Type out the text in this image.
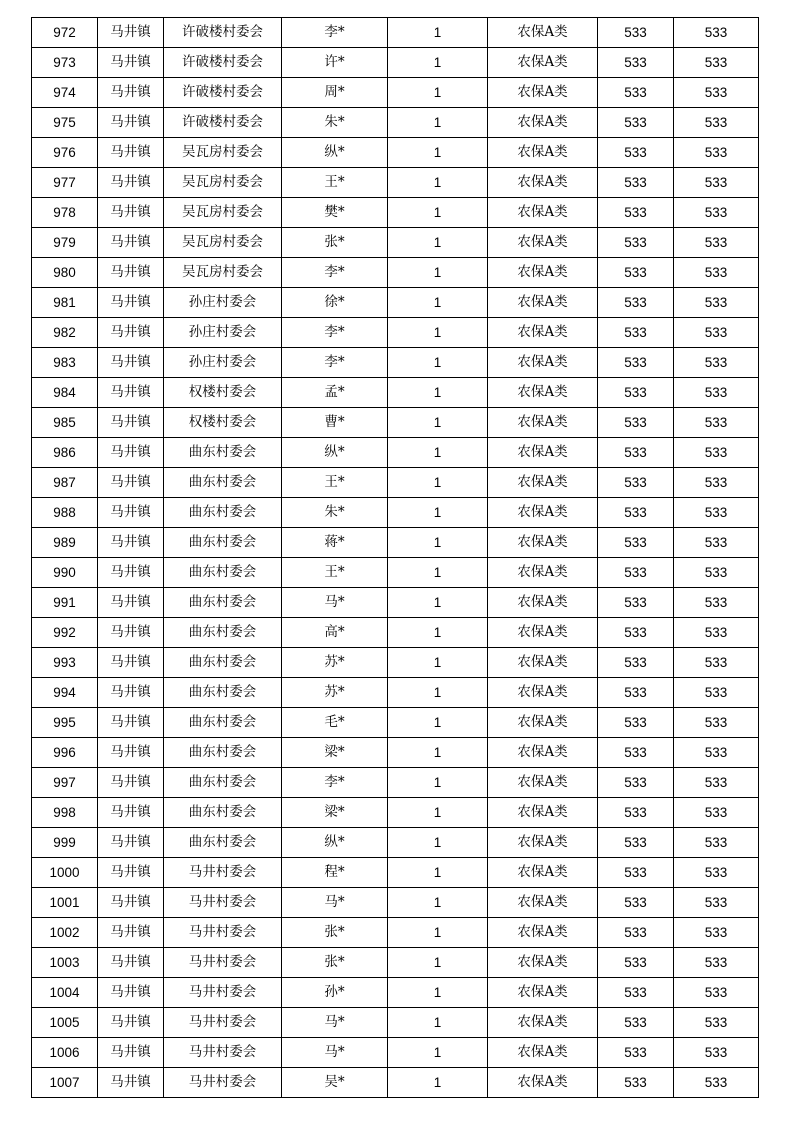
972	马井镇	许破楼村委会	李*	1	农保A类	533	533
973	马井镇	许破楼村委会	许*	1	农保A类	533	533
974	马井镇	许破楼村委会	周*	1	农保A类	533	533
975	马井镇	许破楼村委会	朱*	1	农保A类	533	533
976	马井镇	吴瓦房村委会	纵*	1	农保A类	533	533
977	马井镇	吴瓦房村委会	王*	1	农保A类	533	533
978	马井镇	吴瓦房村委会	樊*	1	农保A类	533	533
979	马井镇	吴瓦房村委会	张*	1	农保A类	533	533
980	马井镇	吴瓦房村委会	李*	1	农保A类	533	533
981	马井镇	孙庄村委会	徐*	1	农保A类	533	533
982	马井镇	孙庄村委会	李*	1	农保A类	533	533
983	马井镇	孙庄村委会	李*	1	农保A类	533	533
984	马井镇	权楼村委会	孟*	1	农保A类	533	533
985	马井镇	权楼村委会	曹*	1	农保A类	533	533
986	马井镇	曲东村委会	纵*	1	农保A类	533	533
987	马井镇	曲东村委会	王*	1	农保A类	533	533
988	马井镇	曲东村委会	朱*	1	农保A类	533	533
989	马井镇	曲东村委会	蒋*	1	农保A类	533	533
990	马井镇	曲东村委会	王*	1	农保A类	533	533
991	马井镇	曲东村委会	马*	1	农保A类	533	533
992	马井镇	曲东村委会	高*	1	农保A类	533	533
993	马井镇	曲东村委会	苏*	1	农保A类	533	533
994	马井镇	曲东村委会	苏*	1	农保A类	533	533
995	马井镇	曲东村委会	毛*	1	农保A类	533	533
996	马井镇	曲东村委会	梁*	1	农保A类	533	533
997	马井镇	曲东村委会	李*	1	农保A类	533	533
998	马井镇	曲东村委会	梁*	1	农保A类	533	533
999	马井镇	曲东村委会	纵*	1	农保A类	533	533
1000	马井镇	马井村委会	程*	1	农保A类	533	533
1001	马井镇	马井村委会	马*	1	农保A类	533	533
1002	马井镇	马井村委会	张*	1	农保A类	533	533
1003	马井镇	马井村委会	张*	1	农保A类	533	533
1004	马井镇	马井村委会	孙*	1	农保A类	533	533
1005	马井镇	马井村委会	马*	1	农保A类	533	533
1006	马井镇	马井村委会	马*	1	农保A类	533	533
1007	马井镇	马井村委会	吴*	1	农保A类	533	533
